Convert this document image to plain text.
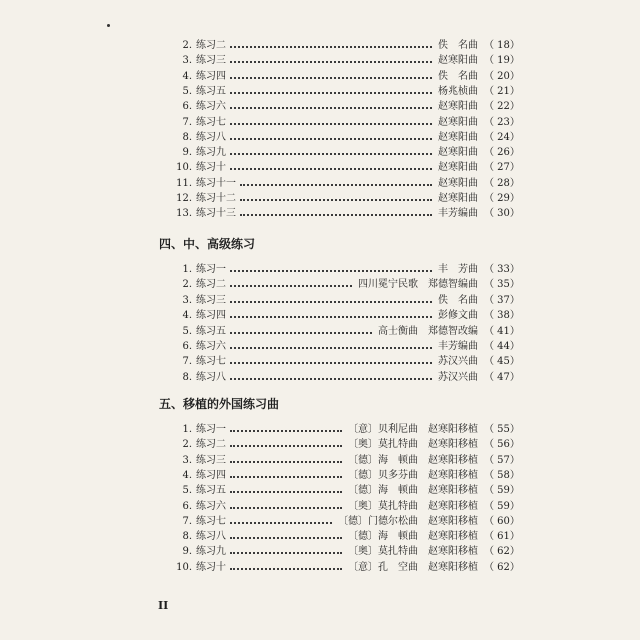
2. 练习二	佚　名曲 （ 18）
3. 练习三	赵寒阳曲 （ 19）
4. 练习四	佚　名曲 （ 20）
5. 练习五	杨兆桢曲 （ 21）
6. 练习六	赵寒阳曲 （ 22）
7. 练习七	赵寒阳曲 （ 23）
8. 练习八	赵寒阳曲 （ 24）
9. 练习九	赵寒阳曲 （ 26）
10. 练习十	赵寒阳曲 （ 27）
11. 练习十一	赵寒阳曲 （ 28）
12. 练习十二	赵寒阳曲 （ 29）
13. 练习十三	丰芳编曲 （ 30）
四、中、高级练习
1. 练习一	丰　芳曲 （ 33）
2. 练习二	四川冕宁民歌　郑德智编曲 （ 35）
3. 练习三	佚　名曲 （ 37）
4. 练习四	彭修文曲 （ 38）
5. 练习五	高士衡曲　郑德智改编 （ 41）
6. 练习六	丰芳编曲 （ 44）
7. 练习七	苏汉兴曲 （ 45）
8. 练习八	苏汉兴曲 （ 47）
五、移植的外国练习曲
1. 练习一	〔意〕贝利尼曲　赵寒阳移植 （ 55）
2. 练习二	〔奥〕莫扎特曲　赵寒阳移植 （ 56）
3. 练习三	〔德〕海　顿曲　赵寒阳移植 （ 57）
4. 练习四	〔德〕贝多芬曲　赵寒阳移植 （ 58）
5. 练习五	〔德〕海　顿曲　赵寒阳移植 （ 59）
6. 练习六	〔奥〕莫扎特曲　赵寒阳移植 （ 59）
7. 练习七	〔德〕门德尔松曲　赵寒阳移植 （ 60）
8. 练习八	〔德〕海　顿曲　赵寒阳移植 （ 61）
9. 练习九	〔奥〕莫扎特曲　赵寒阳移植 （ 62）
10. 练习十	〔意〕孔　空曲　赵寒阳移植 （ 62）
II
